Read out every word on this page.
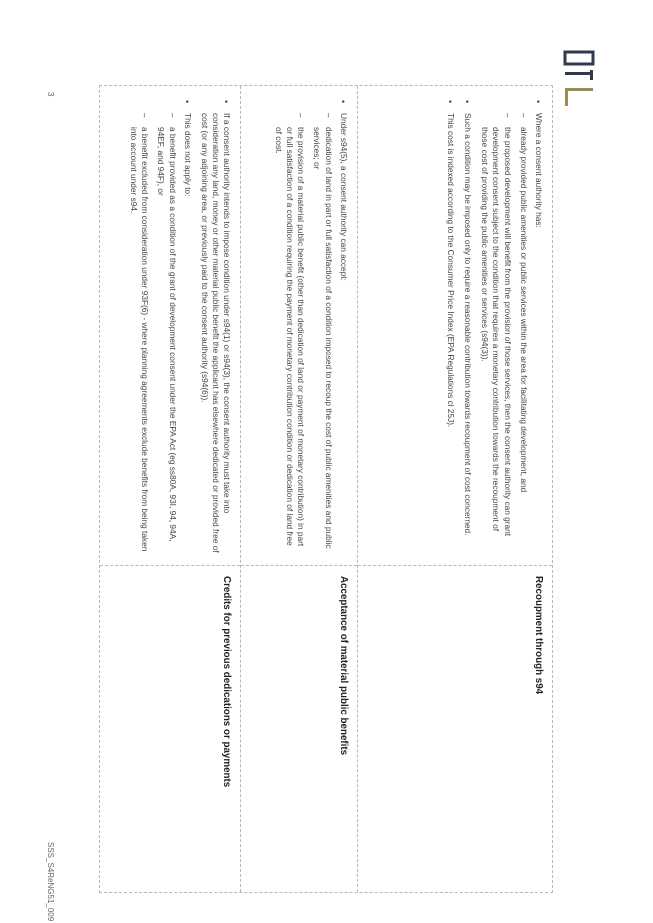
• Where a consent authority has:
– already provided public amenities or public services within the area for facilitating development, and
– the proposed development will benefit from the provision of those services, then the consent authority can grant development consent subject to the condition that requires a monetary contribution towards the recoupment of those cost of providing the public amenities or services (s94(3)).
• Such a condition may be imposed only to require a reasonable contribution towards recoupment of cost concerned.
• This cost is indexed according to the Consumer Price Index (EPA Regulations cl 25J).
Recoupment through s94
• Under s94(5), a consent authority can accept:
– dedication of land in part or full satisfaction of a condition imposed to recoup the cost of public amenities and public services; or
– the provision of a material public benefit (other than dedication of land or payment of monetary contribution) in part or full satisfaction of a condition requiring the payment of monetary contribution condition or dedication of land free of cost.
Acceptance of material public benefits
• If a consent authority intends to impose condition under s94(1) or s94(3), the consent authority must take into consideration any land, money or other material public benefit the applicant has elsewhere dedicated or provided free of cost (or any adjoining area, or previously paid to the consent authority (s94(6)).
• This does not apply to:
– a benefit provided as a condition of the grant of development consent under the EPA Act (eg ss80A, 93I, 94, 94A, 94EF, and 94F), or
– a benefit excluded from consideration under 93F(6) - where planning agreements exclude benefits from being taken into account under s94.
Credits for previous dedications or payments
3
SSS_S4ReNG51_009
